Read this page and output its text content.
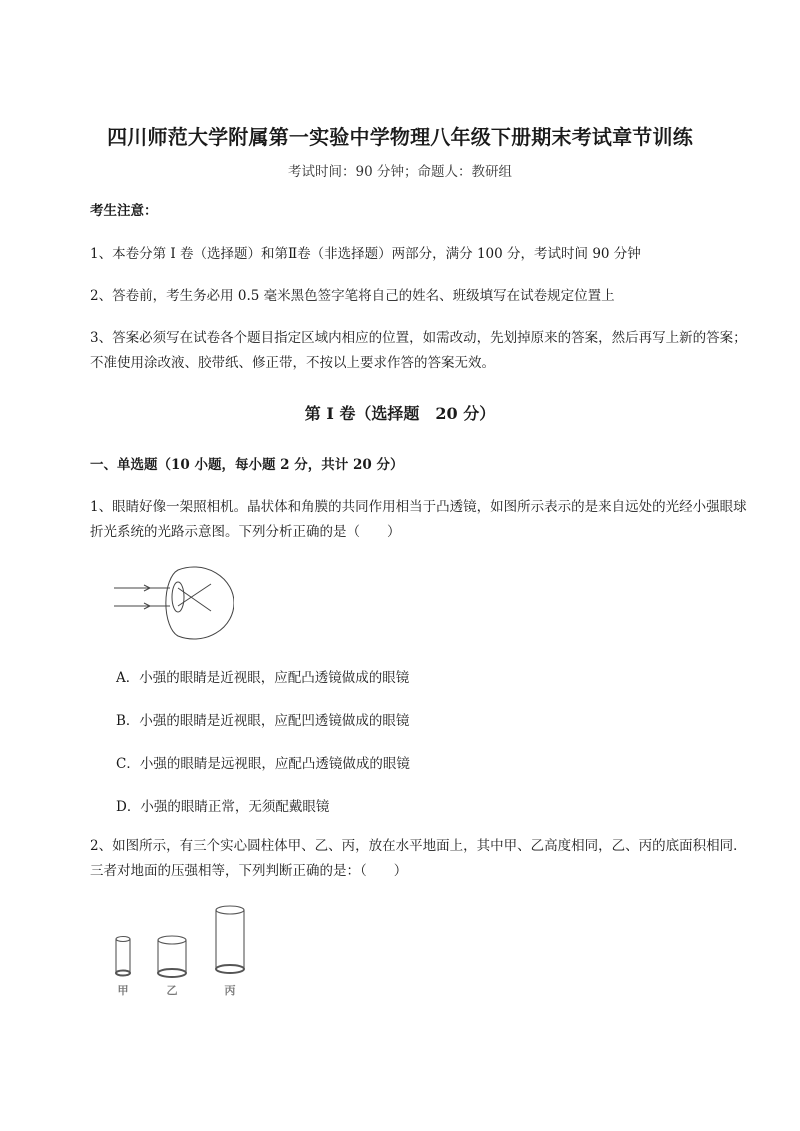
四川师范大学附属第一实验中学物理八年级下册期末考试章节训练
考试时间：90 分钟；命题人：教研组
考生注意：
1、本卷分第 I 卷（选择题）和第Ⅱ卷（非选择题）两部分，满分 100 分，考试时间 90 分钟
2、答卷前，考生务必用 0.5 毫米黑色签字笔将自己的姓名、班级填写在试卷规定位置上
3、答案必须写在试卷各个题目指定区域内相应的位置，如需改动，先划掉原来的答案，然后再写上新的答案；不准使用涂改液、胶带纸、修正带，不按以上要求作答的答案无效。
第 I 卷（选择题　20 分）
一、单选题（10 小题，每小题 2 分，共计 20 分）
1、眼睛好像一架照相机。晶状体和角膜的共同作用相当于凸透镜，如图所示表示的是来自远处的光经小强眼球折光系统的光路示意图。下列分析正确的是（　　）
A．小强的眼睛是近视眼，应配凸透镜做成的眼镜
B．小强的眼睛是近视眼，应配凹透镜做成的眼镜
C．小强的眼睛是远视眼，应配凸透镜做成的眼镜
D．小强的眼睛正常，无须配戴眼镜
2、如图所示，有三个实心圆柱体甲、乙、丙，放在水平地面上，其中甲、乙高度相同，乙、丙的底面积相同．三者对地面的压强相等，下列判断正确的是：（　　）
甲	乙	丙
